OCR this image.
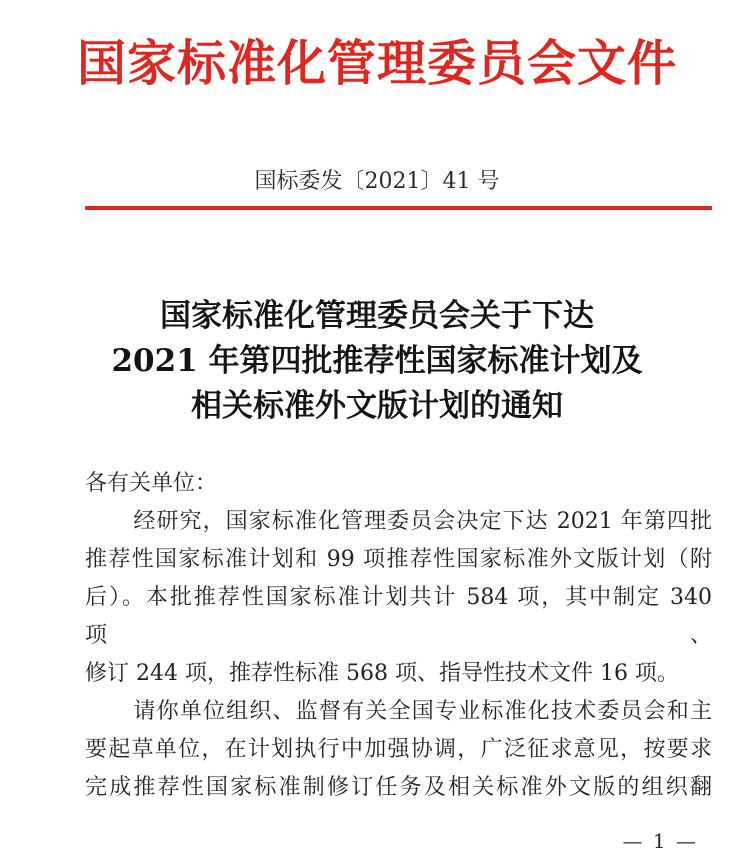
国家标准化管理委员会文件
国标委发〔2021〕41 号
国家标准化管理委员会关于下达
2021 年第四批推荐性国家标准计划及
相关标准外文版计划的通知
各有关单位：
经研究，国家标准化管理委员会决定下达 2021 年第四批
推荐性国家标准计划和 99 项推荐性国家标准外文版计划（附
后）。本批推荐性国家标准计划共计 584 项，其中制定 340 项、
修订 244 项，推荐性标准 568 项、指导性技术文件 16 项。
请你单位组织、监督有关全国专业标准化技术委员会和主
要起草单位，在计划执行中加强协调，广泛征求意见，按要求
完成推荐性国家标准制修订任务及相关标准外文版的组织翻
— 1 —
